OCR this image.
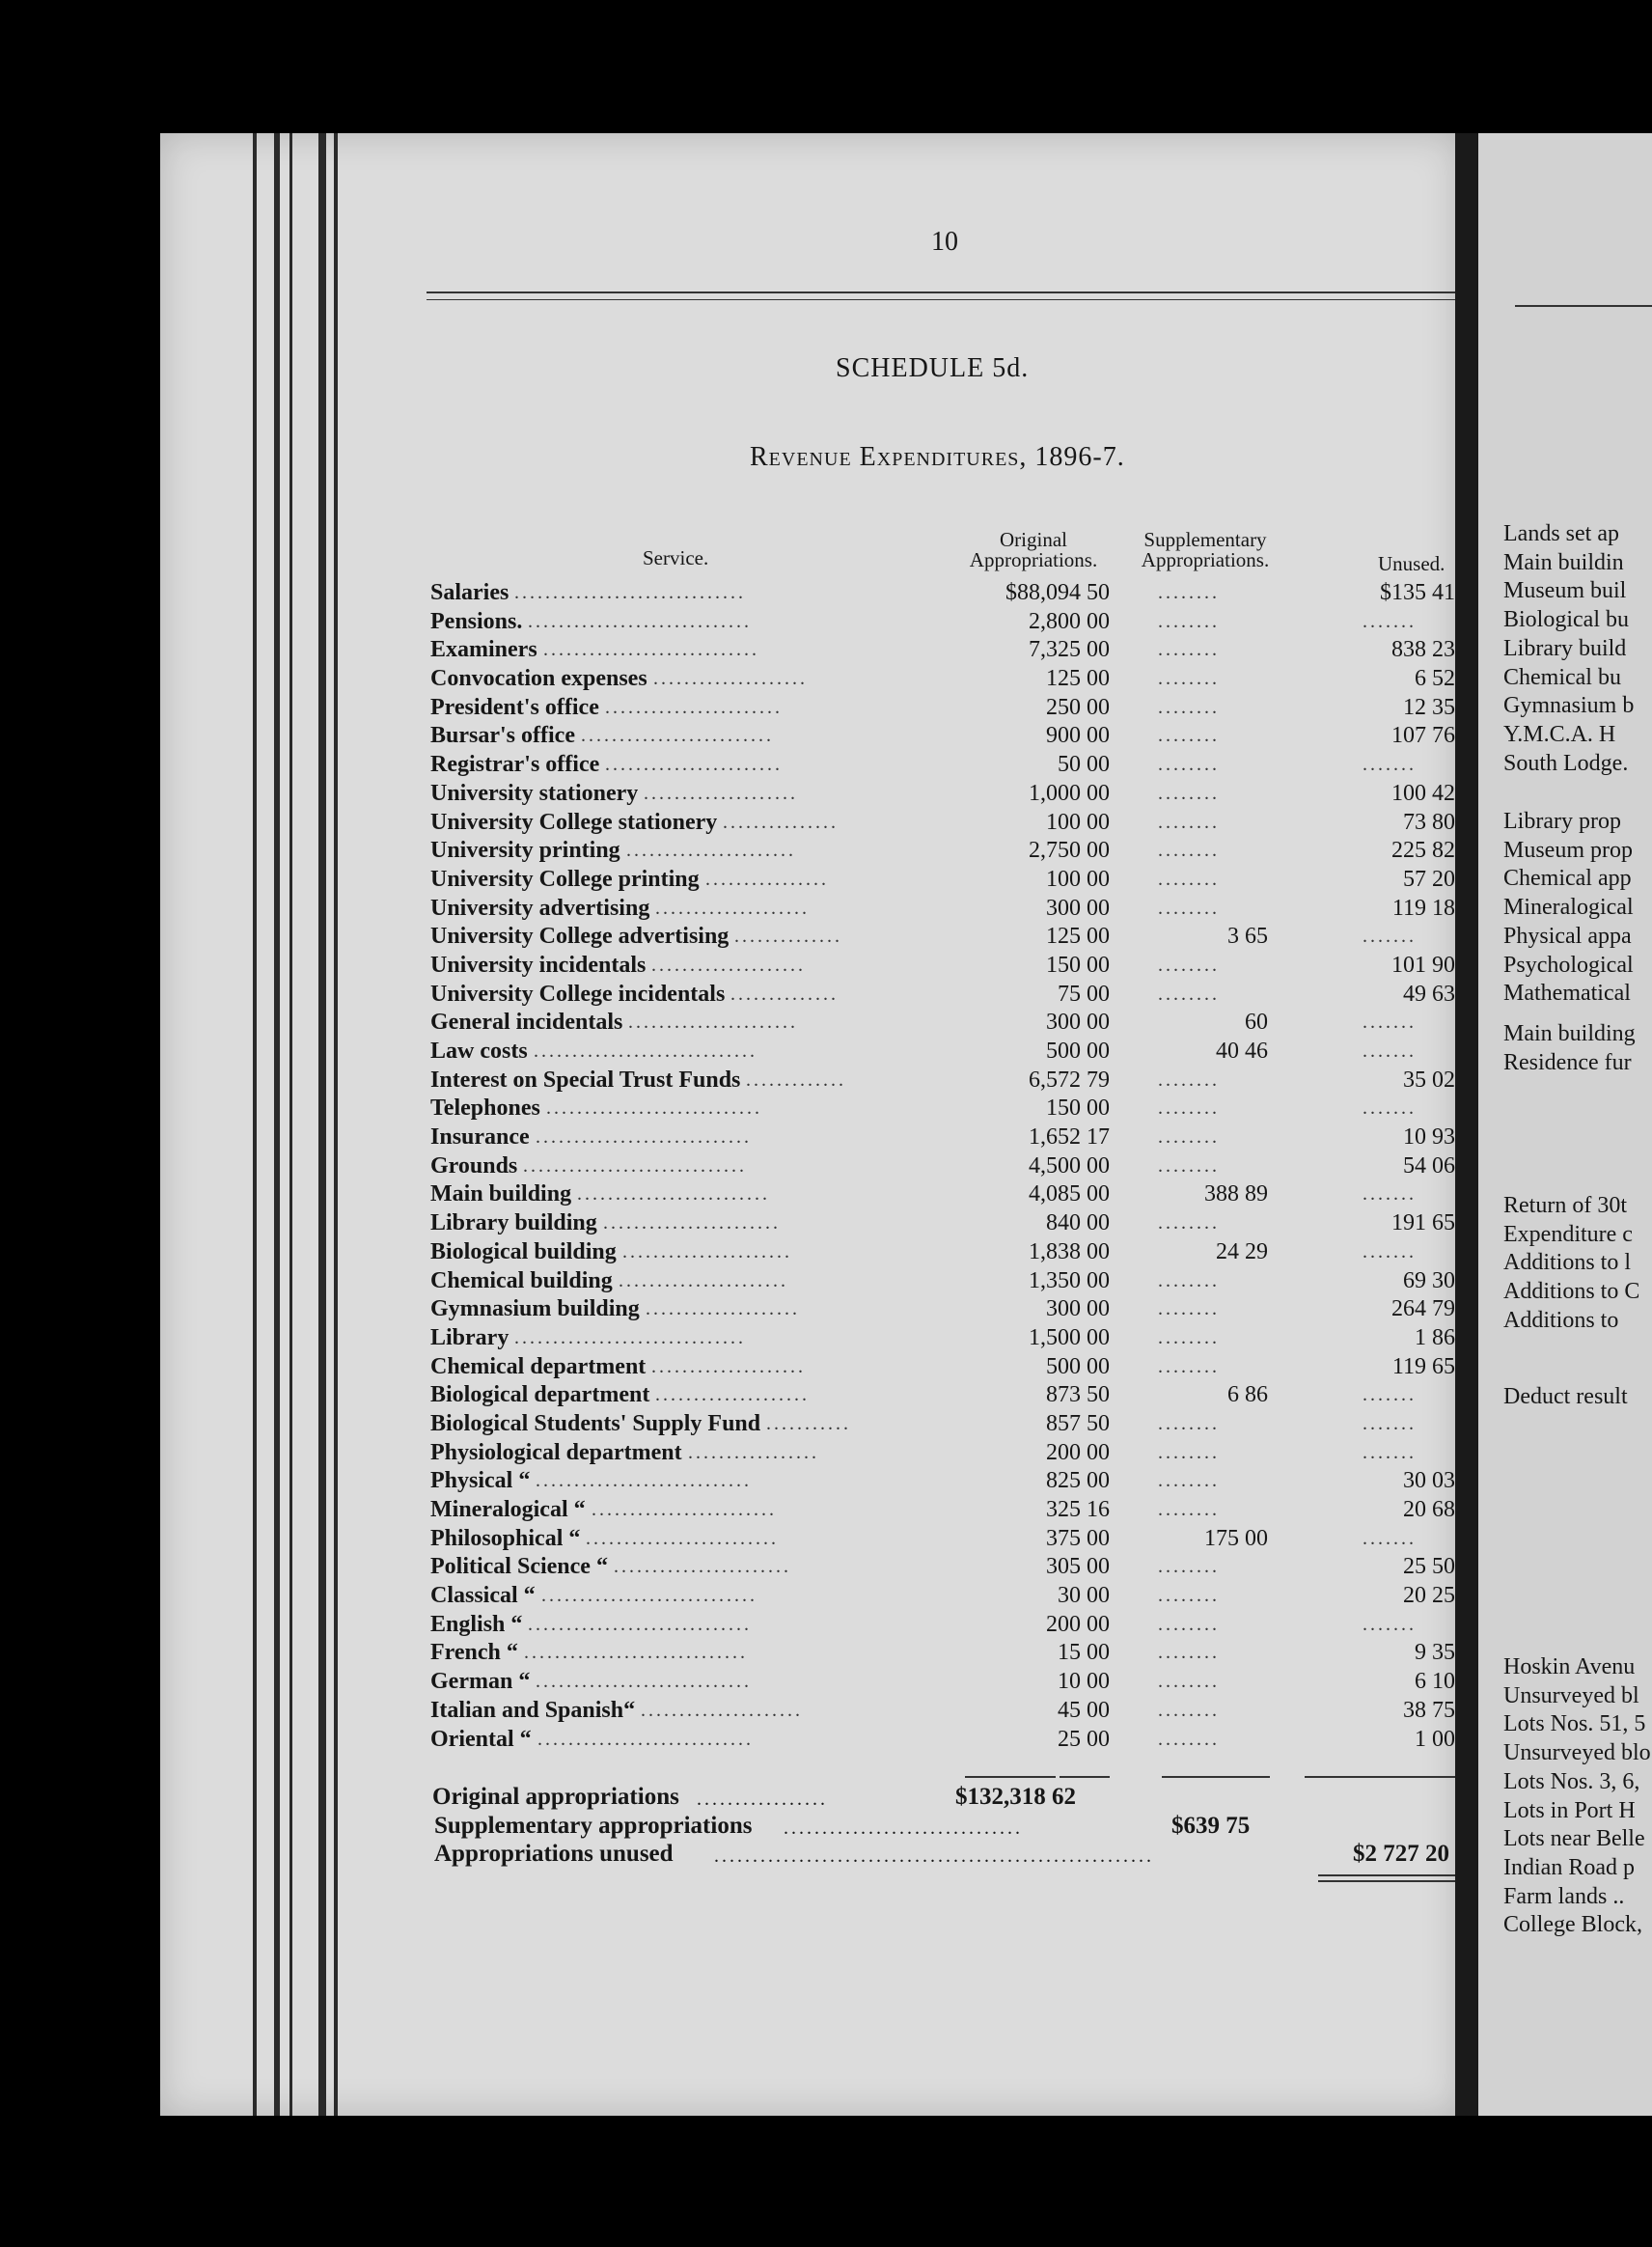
Lands set ap
Main buildin
Museum buil
Biological bu
Library build
Chemical bu
Gymnasium b
Y.M.C.A. H
South Lodge.
Library prop
Museum prop
Chemical app
Mineralogical
Physical appa
Psychological
Mathematical
Main building
Residence fur
Return of 30t
Expenditure c
Additions to l
Additions to C
Additions to
Deduct result
Hoskin Avenu
Unsurveyed bl
Lots Nos. 51, 5
Unsurveyed blo
Lots Nos. 3, 6,
Lots in Port H
Lots near Belle
Indian Road p
Farm lands ..
College Block,
10
SCHEDULE 5d.
Revenue Expenditures, 1896-7.
Service.
Original
Appropriations.
Supplementary
Appropriations.	Unused.
Salaries ..............................	$88,094 50	........	$135 41
Pensions. .............................	2,800 00	........	.......
Examiners ............................	7,325 00	........	838 23
Convocation expenses ....................	125 00	........	6 52
President's office .......................	250 00	........	12 35
Bursar's office .........................	900 00	........	107 76
Registrar's office .......................	50 00	........	.......
University stationery ....................	1,000 00	........	100 42
University College stationery ...............	100 00	........	73 80
University printing ......................	2,750 00	........	225 82
University College printing ................	100 00	........	57 20
University advertising ....................	300 00	........	119 18
University College advertising ..............	125 00	3 65	.......
University incidentals ....................	150 00	........	101 90
University College incidentals ..............	75 00	........	49 63
General incidentals ......................	300 00	60	.......
Law costs .............................	500 00	40 46	.......
Interest on Special Trust Funds .............	6,572 79	........	35 02
Telephones ............................	150 00	........	.......
Insurance ............................	1,652 17	........	10 93
Grounds .............................	4,500 00	........	54 06
Main building .........................	4,085 00	388 89	.......
Library building .......................	840 00	........	191 65
Biological building ......................	1,838 00	24 29	.......
Chemical building ......................	1,350 00	........	69 30
Gymnasium building ....................	300 00	........	264 79
Library ..............................	1,500 00	........	1 86
Chemical department ....................	500 00	........	119 65
Biological department ....................	873 50	6 86	.......
Biological Students' Supply Fund ...........	857 50	........	.......
Physiological department .................	200 00	........	.......
Physical “ ............................	825 00	........	30 03
Mineralogical “ ........................	325 16	........	20 68
Philosophical “ .........................	375 00	175 00	.......
Political Science “ .......................	305 00	........	25 50
Classical “ ............................	30 00	........	20 25
English “ .............................	200 00	........	.......
French “ .............................	15 00	........	9 35
German “ ............................	10 00	........	6 10
Italian and Spanish“ .....................	45 00	........	38 75
Oriental “ ............................	25 00	........	1 00
Original appropriations .................	$132,318 62
Supplementary appropriations ...............................	$639 75
Appropriations unused .........................................................	$2 727 20
